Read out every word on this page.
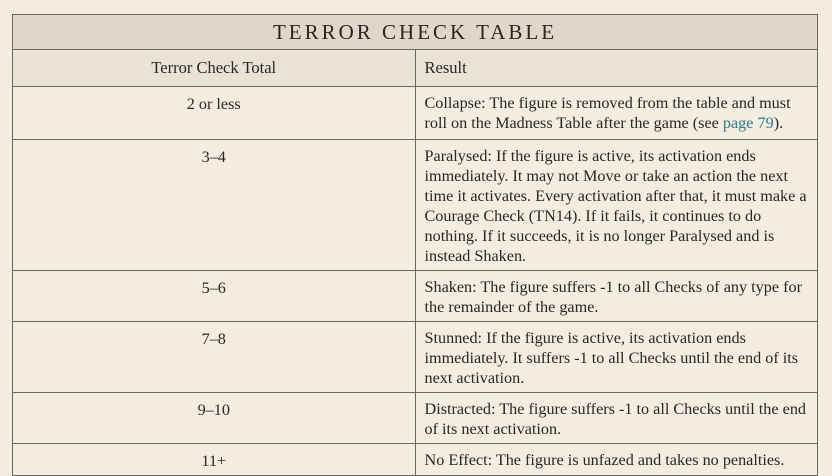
TERROR CHECK TABLE	
Terror Check Total	Result
2 or less	Collapse: The figure is removed from the table and must roll on the Madness Table after the game (see page 79).
3–4	Paralysed: If the figure is active, its activation ends immediately. It may not Move or take an action the next time it activates. Every activation after that, it must make a Courage Check (TN14). If it fails, it continues to do nothing. If it succeeds, it is no longer Paralysed and is instead Shaken.
5–6	Shaken: The figure suffers -1 to all Checks of any type for the remainder of the game.
7–8	Stunned: If the figure is active, its activation ends immediately. It suffers -1 to all Checks until the end of its next activation.
9–10	Distracted: The figure suffers -1 to all Checks until the end of its next activation.
11+	No Effect: The figure is unfazed and takes no penalties.
